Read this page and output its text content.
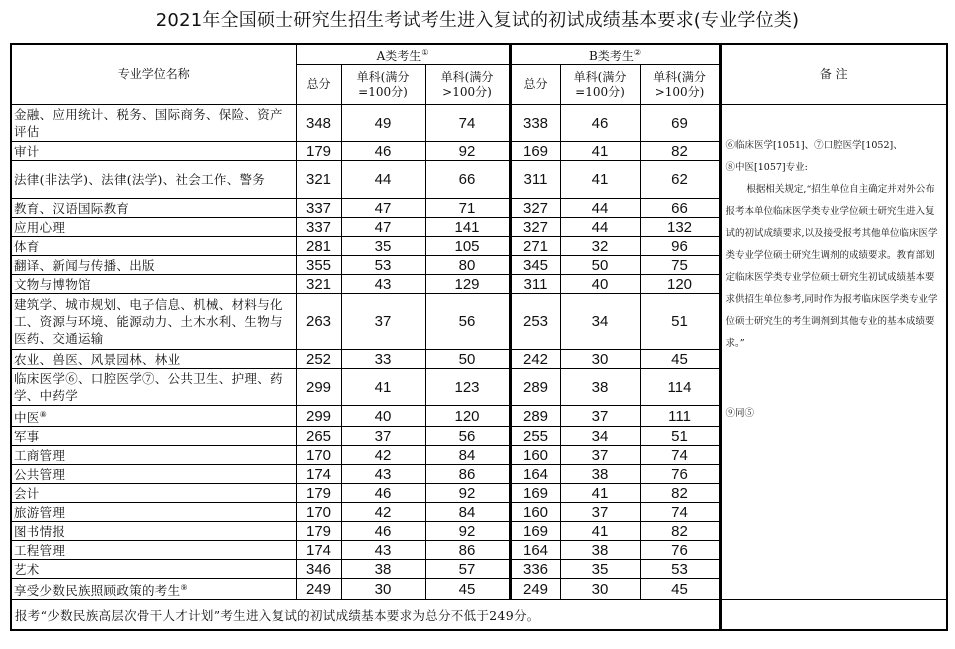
2021年全国硕士研究生招生考试考生进入复试的初试成绩基本要求(专业学位类)
专业学位名称	A类考生①			B类考生②			备 注
	总分	单科(满分=100分)	单科(满分>100分)	总分	单科(满分=100分)	单科(满分>100分)	
金融、应用统计、税务、国际商务、保险、资产评估	348	49	74	338	46	69	⑥临床医学[1051]、⑦口腔医学[1052]、

⑧中医[1057]专业:

根据相关规定,“招生单位自主确定并对外公布报考本单位临床医学类专业学位硕士研究生进入复试的初试成绩要求,以及接受报考其他单位临床医学类专业学位硕士研究生调剂的成绩要求。教育部划定临床医学类专业学位硕士研究生初试成绩基本要求供招生单位参考,同时作为报考临床医学类专业学位硕士研究生的考生调剂到其他专业的基本成绩要求。”

⑨同⑤

审计	179	46	92	169	41	82	
法律(非法学)、法律(法学)、社会工作、警务	321	44	66	311	41	62	
教育、汉语国际教育	337	47	71	327	44	66	
应用心理	337	47	141	327	44	132	
体育	281	35	105	271	32	96	
翻译、新闻与传播、出版	355	53	80	345	50	75	
文物与博物馆	321	43	129	311	40	120	
建筑学、城市规划、电子信息、机械、材料与化工、资源与环境、能源动力、土木水利、生物与医药、交通运输	263	37	56	253	34	51	
农业、兽医、风景园林、林业	252	33	50	242	30	45	
临床医学⑥、口腔医学⑦、公共卫生、护理、药学、中药学	299	41	123	289	38	114	
中医⑧	299	40	120	289	37	111	
军事	265	37	56	255	34	51	
工商管理	170	42	84	160	37	74	
公共管理	174	43	86	164	38	76	
会计	179	46	92	169	41	82	
旅游管理	170	42	84	160	37	74	
图书情报	179	46	92	169	41	82	
工程管理	174	43	86	164	38	76	
艺术	346	38	57	336	35	53	
享受少数民族照顾政策的考生⑨	249	30	45	249	30	45	
报考“少数民族高层次骨干人才计划”考生进入复试的初试成绩基本要求为总分不低于249分。							
